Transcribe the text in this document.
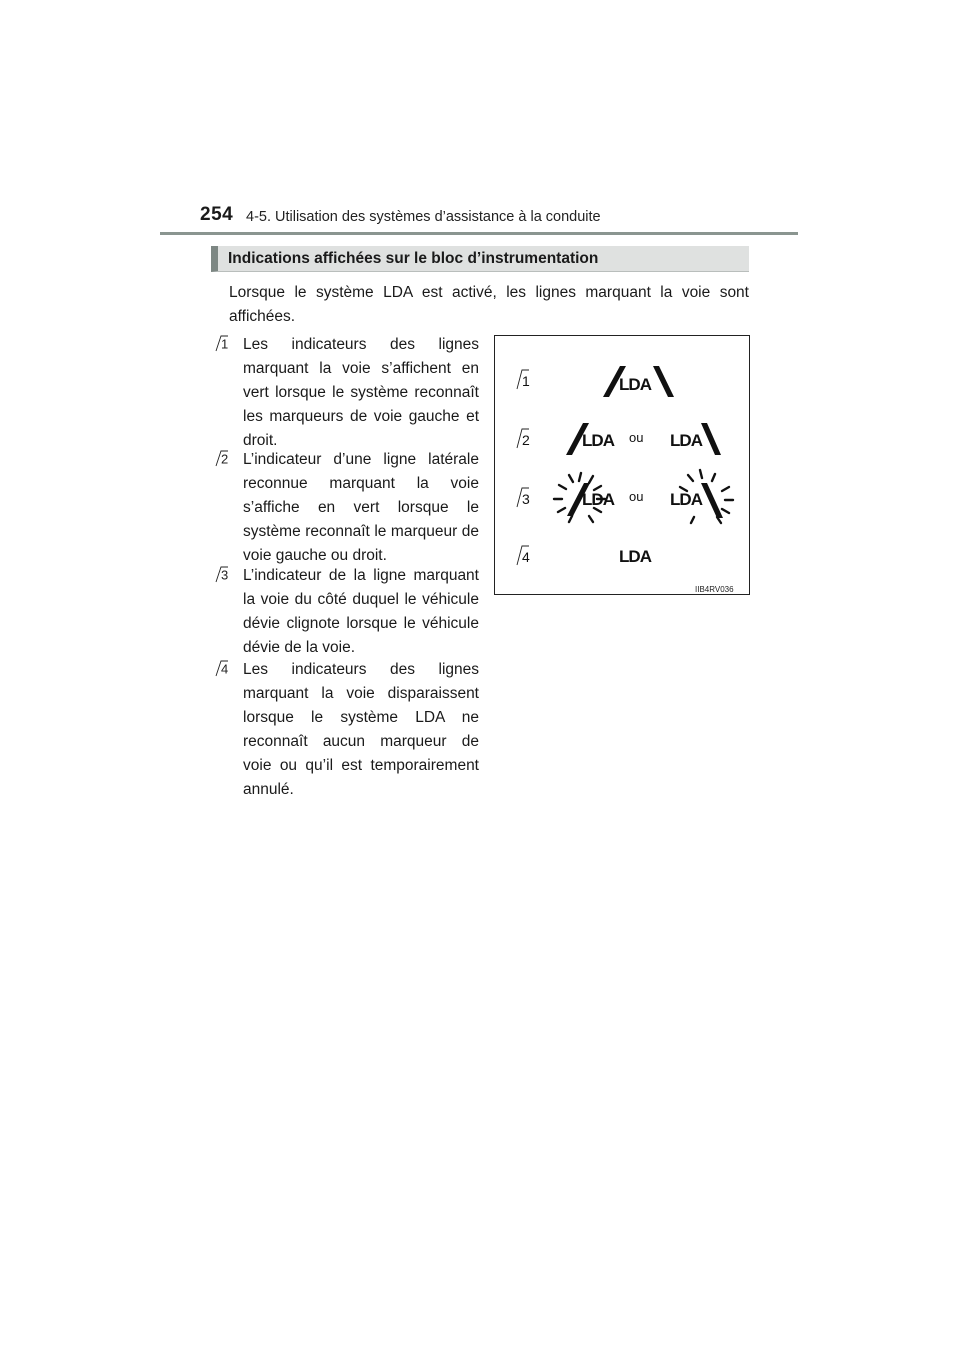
254 4-5. Utilisation des systèmes d’assistance à la conduite
Indications affichées sur le bloc d’instrumentation

Lorsque le système LDA est activé, les lignes marquant la voie sont affichées.

1 Les indicateurs des lignes marquant la voie s’affichent en vert lorsque le système reconnaît les marqueurs de voie gauche et droit.

2 L’indicateur d’une ligne latérale reconnue marquant la voie s’affiche en vert lorsque le système reconnaît le marqueur de voie gauche ou droit.

3 L’indicateur de la ligne marquant la voie du côté duquel le véhicule dévie clignote lorsque le véhicule dévie de la voie.

4 Les indicateurs des lignes marquant la voie disparaissent lorsque le système LDA ne reconnaît aucun marqueur de voie ou qu’il est temporairement annulé.

1	LDA
2	LDA ou LDA
3	LDA ou LDA
4	LDA
IIB4RV036
